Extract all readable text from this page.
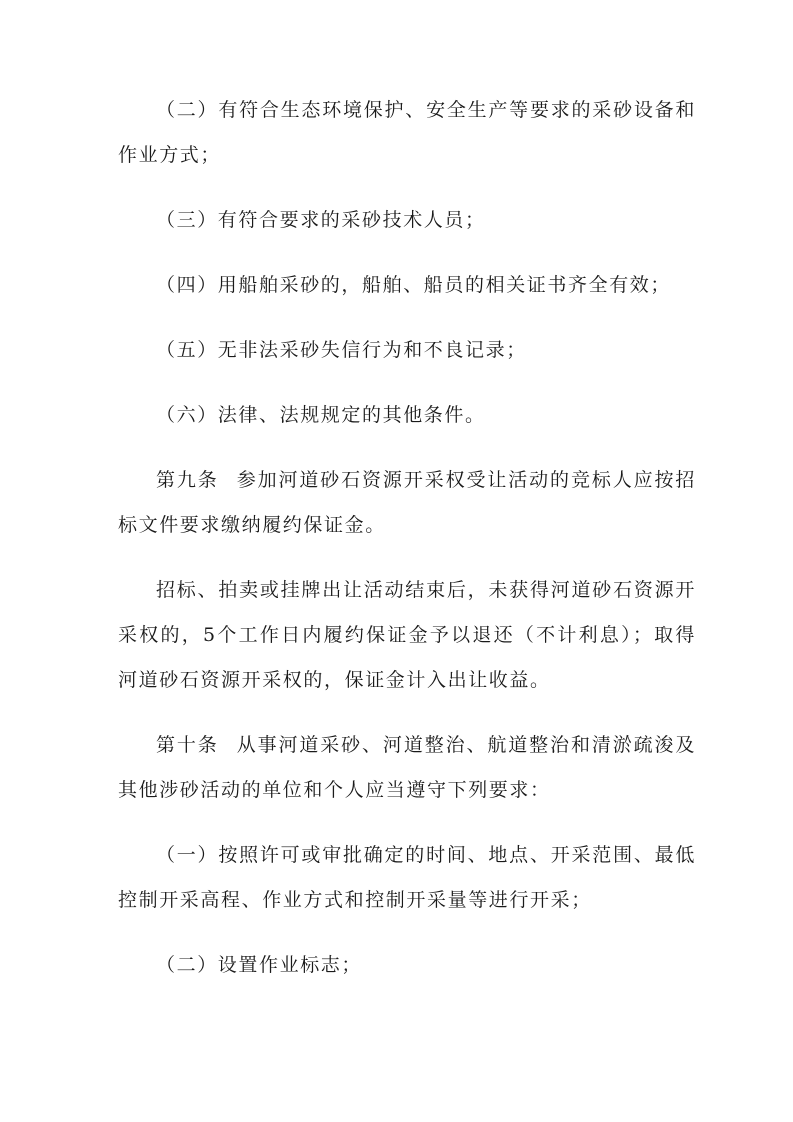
（二）有符合生态环境保护、安全生产等要求的采砂设备和作业方式；

（三）有符合要求的采砂技术人员；

（四）用船舶采砂的，船舶、船员的相关证书齐全有效；

（五）无非法采砂失信行为和不良记录；

（六）法律、法规规定的其他条件。

第九条 参加河道砂石资源开采权受让活动的竞标人应按招标文件要求缴纳履约保证金。

招标、拍卖或挂牌出让活动结束后，未获得河道砂石资源开采权的，5个工作日内履约保证金予以退还（不计利息）；取得河道砂石资源开采权的，保证金计入出让收益。

第十条 从事河道采砂、河道整治、航道整治和清淤疏浚及其他涉砂活动的单位和个人应当遵守下列要求：

（一）按照许可或审批确定的时间、地点、开采范围、最低控制开采高程、作业方式和控制开采量等进行开采；

（二）设置作业标志；
